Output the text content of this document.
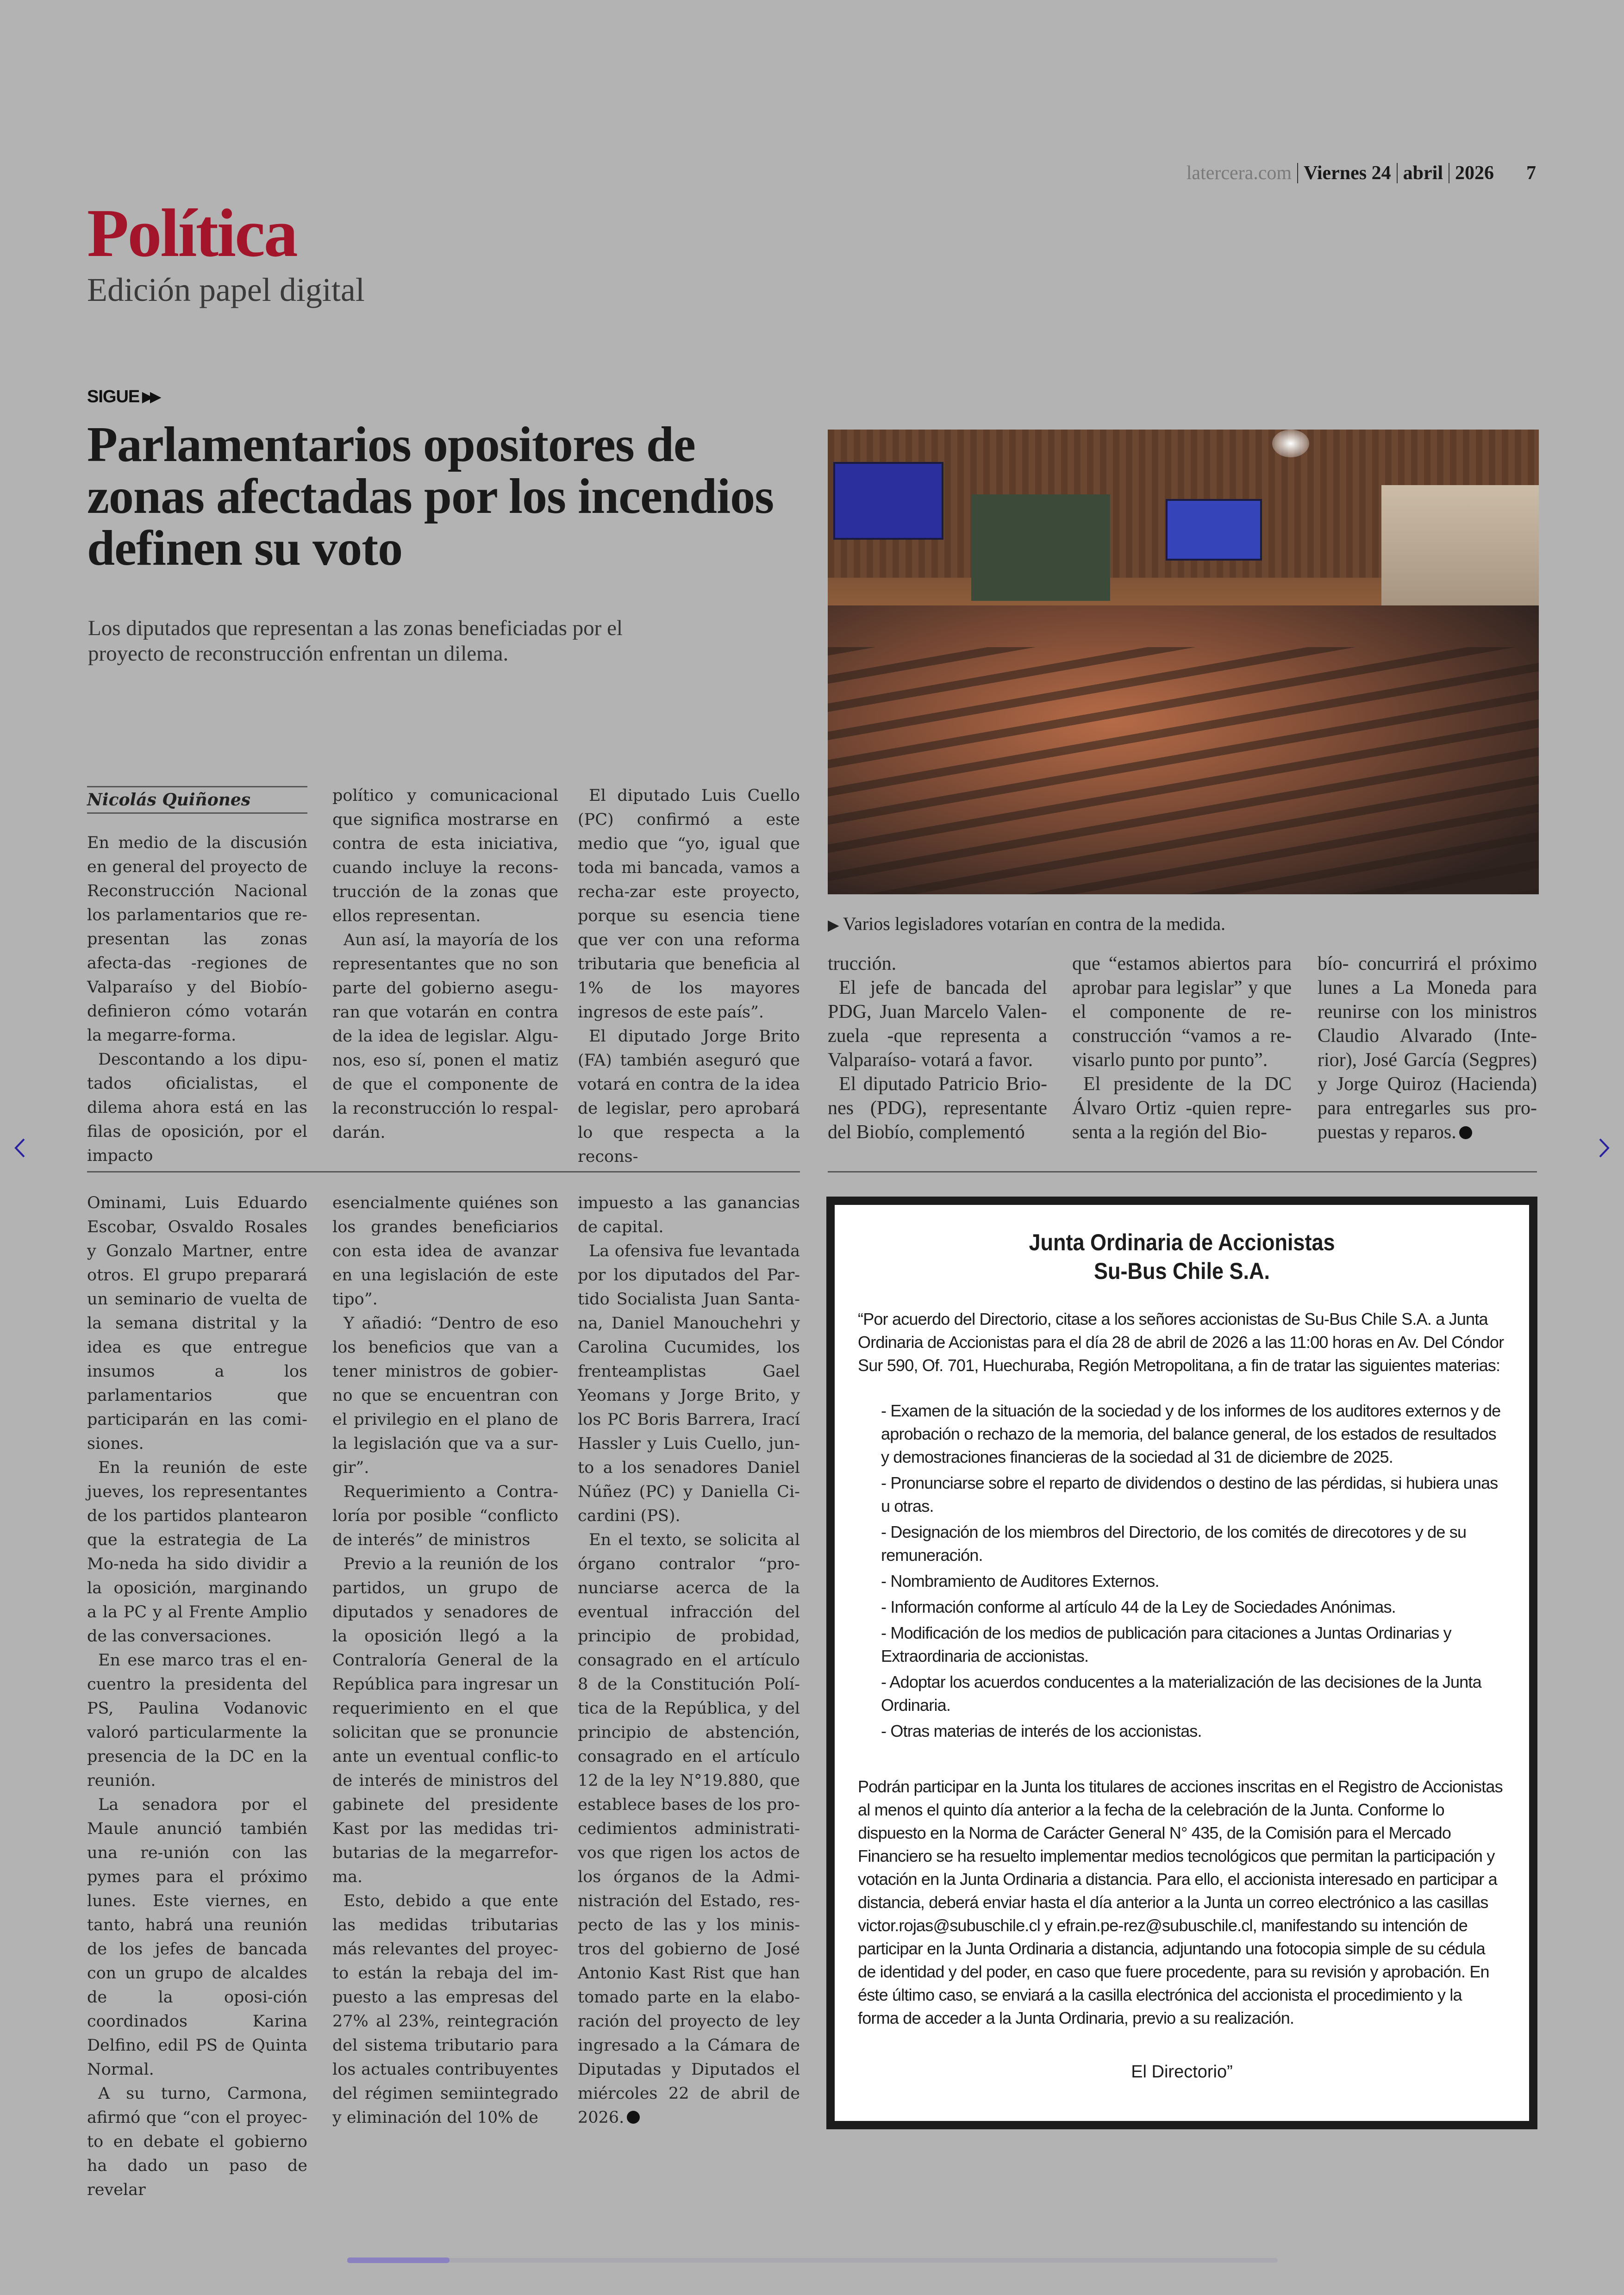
latercera.com Viernes 24 abril 2026 7
Política
Edición papel digital
SIGUE ▶▶
Parlamentarios opositores de zonas afectadas por los incendios definen su voto
Los diputados que representan a las zonas beneficiadas por el proyecto de reconstrucción enfrentan un dilema.
▶ Varios legisladores votarían en contra de la medida.
Nicolás Quiñones

En medio de la discusión en general del proyecto de Reconstrucción Nacional los parlamentarios que re-presentan las zonas afecta-das -regiones de Valparaíso y del Biobío- definieron cómo votarán la megarre-forma.

Descontando a los dipu-tados oficialistas, el dilema ahora está en las filas de oposición, por el impacto

político y comunicacional que significa mostrarse en contra de esta iniciativa, cuando incluye la recons-trucción de la zonas que ellos representan.

Aun así, la mayoría de los representantes que no son parte del gobierno asegu-ran que votarán en contra de la idea de legislar. Algu-nos, eso sí, ponen el matiz de que el componente de la reconstrucción lo respal-darán.

El diputado Luis Cuello (PC) confirmó a este medio que “yo, igual que toda mi bancada, vamos a recha-zar este proyecto, porque su esencia tiene que ver con una reforma tributaria que beneficia al 1% de los mayores ingresos de este país”.

El diputado Jorge Brito (FA) también aseguró que votará en contra de la idea de legislar, pero aprobará lo que respecta a la recons-

trucción.

El jefe de bancada del PDG, Juan Marcelo Valen-zuela -que representa a Valparaíso- votará a favor.

El diputado Patricio Brio-nes (PDG), representante del Biobío, complementó

que “estamos abiertos para aprobar para legislar” y que el componente de re-construcción “vamos a re-visarlo punto por punto”.

El presidente de la DC Álvaro Ortiz -quien repre-senta a la región del Bio-

bío- concurrirá el próximo lunes a La Moneda para reunirse con los ministros Claudio Alvarado (Inte-rior), José García (Segpres) y Jorge Quiroz (Hacienda) para entregarles sus pro-puestas y reparos.

Ominami, Luis Eduardo Escobar, Osvaldo Rosales y Gonzalo Martner, entre otros. El grupo preparará un seminario de vuelta de la semana distrital y la idea es que entregue insumos a los parlamentarios que participarán en las comi-siones.

En la reunión de este jueves, los representantes de los partidos plantearon que la estrategia de La Mo-neda ha sido dividir a la oposición, marginando a la PC y al Frente Amplio de las conversaciones.

En ese marco tras el en-cuentro la presidenta del PS, Paulina Vodanovic valoró particularmente la presencia de la DC en la reunión.

La senadora por el Maule anunció también una re-unión con las pymes para el próximo lunes. Este viernes, en tanto, habrá una reunión de los jefes de bancada con un grupo de alcaldes de la oposi-ción coordinados Karina Delfino, edil PS de Quinta Normal.

A su turno, Carmona, afirmó que “con el proyec-to en debate el gobierno ha dado un paso de revelar

esencialmente quiénes son los grandes beneficiarios con esta idea de avanzar en una legislación de este tipo”.

Y añadió: “Dentro de eso los beneficios que van a tener ministros de gobier-no que se encuentran con el privilegio en el plano de la legislación que va a sur-gir”.

Requerimiento a Contra-loría por posible “conflicto de interés” de ministros

Previo a la reunión de los partidos, un grupo de diputados y senadores de la oposición llegó a la Contraloría General de la República para ingresar un requerimiento en el que solicitan que se pronuncie ante un eventual conflic-to de interés de ministros del gabinete del presidente Kast por las medidas tri-butarias de la megarrefor-ma.

Esto, debido a que ente las medidas tributarias más relevantes del proyec-to están la rebaja del im-puesto a las empresas del 27% al 23%, reintegración del sistema tributario para los actuales contribuyentes del régimen semiintegrado y eliminación del 10% de

impuesto a las ganancias de capital.

La ofensiva fue levantada por los diputados del Par-tido Socialista Juan Santa-na, Daniel Manouchehri y Carolina Cucumides, los frenteamplistas Gael Yeomans y Jorge Brito, y los PC Boris Barrera, Irací Hassler y Luis Cuello, jun-to a los senadores Daniel Núñez (PC) y Daniella Ci-cardini (PS).

En el texto, se solicita al órgano contralor “pro-nunciarse acerca de la eventual infracción del principio de probidad, consagrado en el artículo 8 de la Constitución Polí-tica de la República, y del principio de abstención, consagrado en el artículo 12 de la ley N°19.880, que establece bases de los pro-cedimientos administrati-vos que rigen los actos de los órganos de la Admi-nistración del Estado, res-pecto de las y los minis-tros del gobierno de José Antonio Kast Rist que han tomado parte en la elabo-ración del proyecto de ley ingresado a la Cámara de Diputadas y Diputados el miércoles 22 de abril de 2026.

Junta Ordinaria de Accionistas
Su-Bus Chile S.A.

“Por acuerdo del Directorio, citase a los señores accionistas de Su-Bus Chile S.A. a Junta Ordinaria de Accionistas para el día 28 de abril de 2026 a las 11:00 horas en Av. Del Cóndor Sur 590, Of. 701, Huechuraba, Región Metropolitana, a fin de tratar las siguientes materias:

- Examen de la situación de la sociedad y de los informes de los auditores externos y de aprobación o rechazo de la memoria, del balance general, de los estados de resultados y demostraciones financieras de la sociedad al 31 de diciembre de 2025.
- Pronunciarse sobre el reparto de dividendos o destino de las pérdidas, si hubiera unas u otras.
- Designación de los miembros del Directorio, de los comités de direcotores y de su remuneración.
- Nombramiento de Auditores Externos.
- Información conforme al artículo 44 de la Ley de Sociedades Anónimas.
- Modificación de los medios de publicación para citaciones a Juntas Ordinarias y Extraordinaria de accionistas.
- Adoptar los acuerdos conducentes a la materialización de las decisiones de la Junta Ordinaria.
- Otras materias de interés de los accionistas.

Podrán participar en la Junta los titulares de acciones inscritas en el Registro de Accionistas al menos el quinto día anterior a la fecha de la celebración de la Junta. Conforme lo dispuesto en la Norma de Carácter General N° 435, de la Comisión para el Mercado Financiero se ha resuelto implementar medios tecnológicos que permitan la participación y votación en la Junta Ordinaria a distancia. Para ello, el accionista interesado en participar a distancia, deberá enviar hasta el día anterior a la Junta un correo electrónico a las casillas victor.rojas@subuschile.cl y efrain.pe-rez@subuschile.cl, manifestando su intención de participar en la Junta Ordinaria a distancia, adjuntando una fotocopia simple de su cédula de identidad y del poder, en caso que fuere procedente, para su revisión y aprobación. En éste último caso, se enviará a la casilla electrónica del accionista el procedimiento y la forma de acceder a la Junta Ordinaria, previo a su realización.

El Directorio”
